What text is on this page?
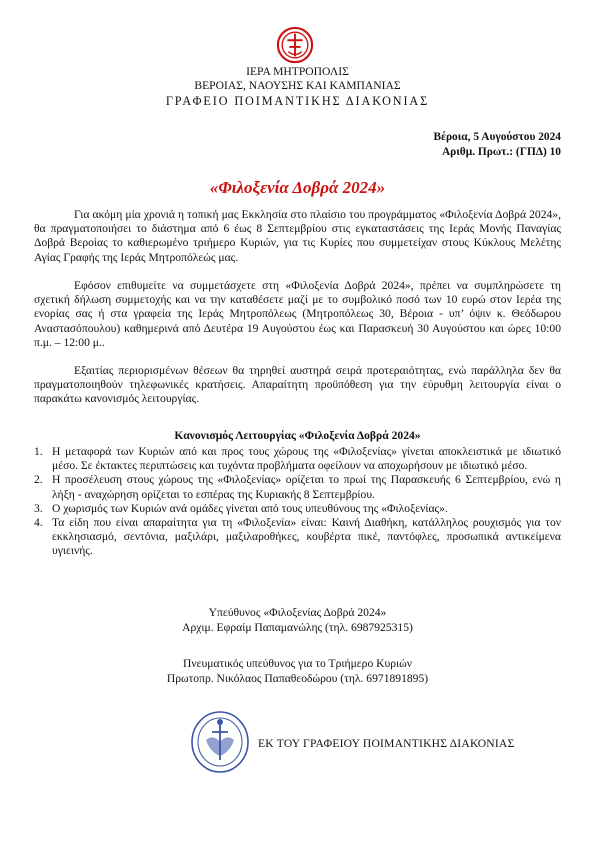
ΙΕΡΑ ΜΗΤΡΟΠΟΛΙΣ
ΒΕΡΟΙΑΣ, ΝΑΟΥΣΗΣ ΚΑΙ ΚΑΜΠΑΝΙΑΣ
ΓΡΑΦΕΙΟ ΠΟΙΜΑΝΤΙΚΗΣ ΔΙΑΚΟΝΙΑΣ
Βέροια, 5 Αυγούστου 2024
Αριθμ. Πρωτ.: (ΓΠΔ) 10
«Φιλοξενία Δοβρά 2024»

Για ακόμη μία χρονιά η τοπική μας Εκκλησία στο πλαίσιο του προγράμματος «Φιλοξενία Δοβρά 2024», θα πραγματοποιήσει το διάστημα από 6 έως 8 Σεπτεμβρίου στις εγκαταστάσεις της Ιεράς Μονής Παναγίας Δοβρά Βεροίας το καθιερωμένο τριήμερο Κυριών, για τις Κυρίες που συμμετείχαν στους Κύκλους Μελέτης Αγίας Γραφής της Ιεράς Μητροπόλεώς μας.

Εφόσον επιθυμείτε να συμμετάσχετε στη «Φιλοξενία Δοβρά 2024», πρέπει να συμπληρώσετε τη σχετική δήλωση συμμετοχής και να την καταθέσετε μαζί με το συμβολικό ποσό των 10 ευρώ στον Ιερέα της ενορίας σας ή στα γραφεία της Ιεράς Μητροπόλεως (Μητροπόλεως 30, Βέροια - υπ’ όψιν κ. Θεόδωρου Αναστασόπουλου) καθημερινά από Δευτέρα 19 Αυγούστου έως και Παρασκευή 30 Αυγούστου και ώρες 10:00 π.μ. – 12:00 μ..

Εξαιτίας περιορισμένων θέσεων θα τηρηθεί αυστηρά σειρά προτεραιότητας, ενώ παράλληλα δεν θα πραγματοποιηθούν τηλεφωνικές κρατήσεις. Απαραίτητη προϋπόθεση για την εύρυθμη λειτουργία είναι ο παρακάτω κανονισμός λειτουργίας.

Κανονισμός Λειτουργίας «Φιλοξενία Δοβρά 2024»
1. Η μεταφορά των Κυριών από και προς τους χώρους της «Φιλοξενίας» γίνεται αποκλειστικά με ιδιωτικό μέσο. Σε έκτακτες περιπτώσεις και τυχόντα προβλήματα οφείλουν να αποχωρήσουν με ιδιωτικό μέσο.
2. Η προσέλευση στους χώρους της «Φιλοξενίας» ορίζεται το πρωί της Παρασκευής 6 Σεπτεμβρίου, ενώ η λήξη - αναχώρηση ορίζεται το εσπέρας της Κυριακής 8 Σεπτεμβρίου.
3. Ο χωρισμός των Κυριών ανά ομάδες γίνεται από τους υπευθύνους της «Φιλοξενίας».
4. Τα είδη που είναι απαραίτητα για τη «Φιλοξενία» είναι: Καινή Διαθήκη, κατάλληλος ρουχισμός για τον εκκλησιασμό, σεντόνια, μαξιλάρι, μαξιλαροθήκες, κουβέρτα πικέ, παντόφλες, προσωπικά αντικείμενα υγιεινής.
Υπεύθυνος «Φιλοξενίας Δοβρά 2024»
Αρχιμ. Εφραίμ Παπαμανώλης (τηλ. 6987925315)
Πνευματικός υπεύθυνος για το Τριήμερο Κυριών
Πρωτοπρ. Νικόλαος Παπαθεοδώρου (τηλ. 6971891895)
ΕΚ ΤΟΥ ΓΡΑΦΕΙΟΥ ΠΟΙΜΑΝΤΙΚΗΣ ΔΙΑΚΟΝΙΑΣ
